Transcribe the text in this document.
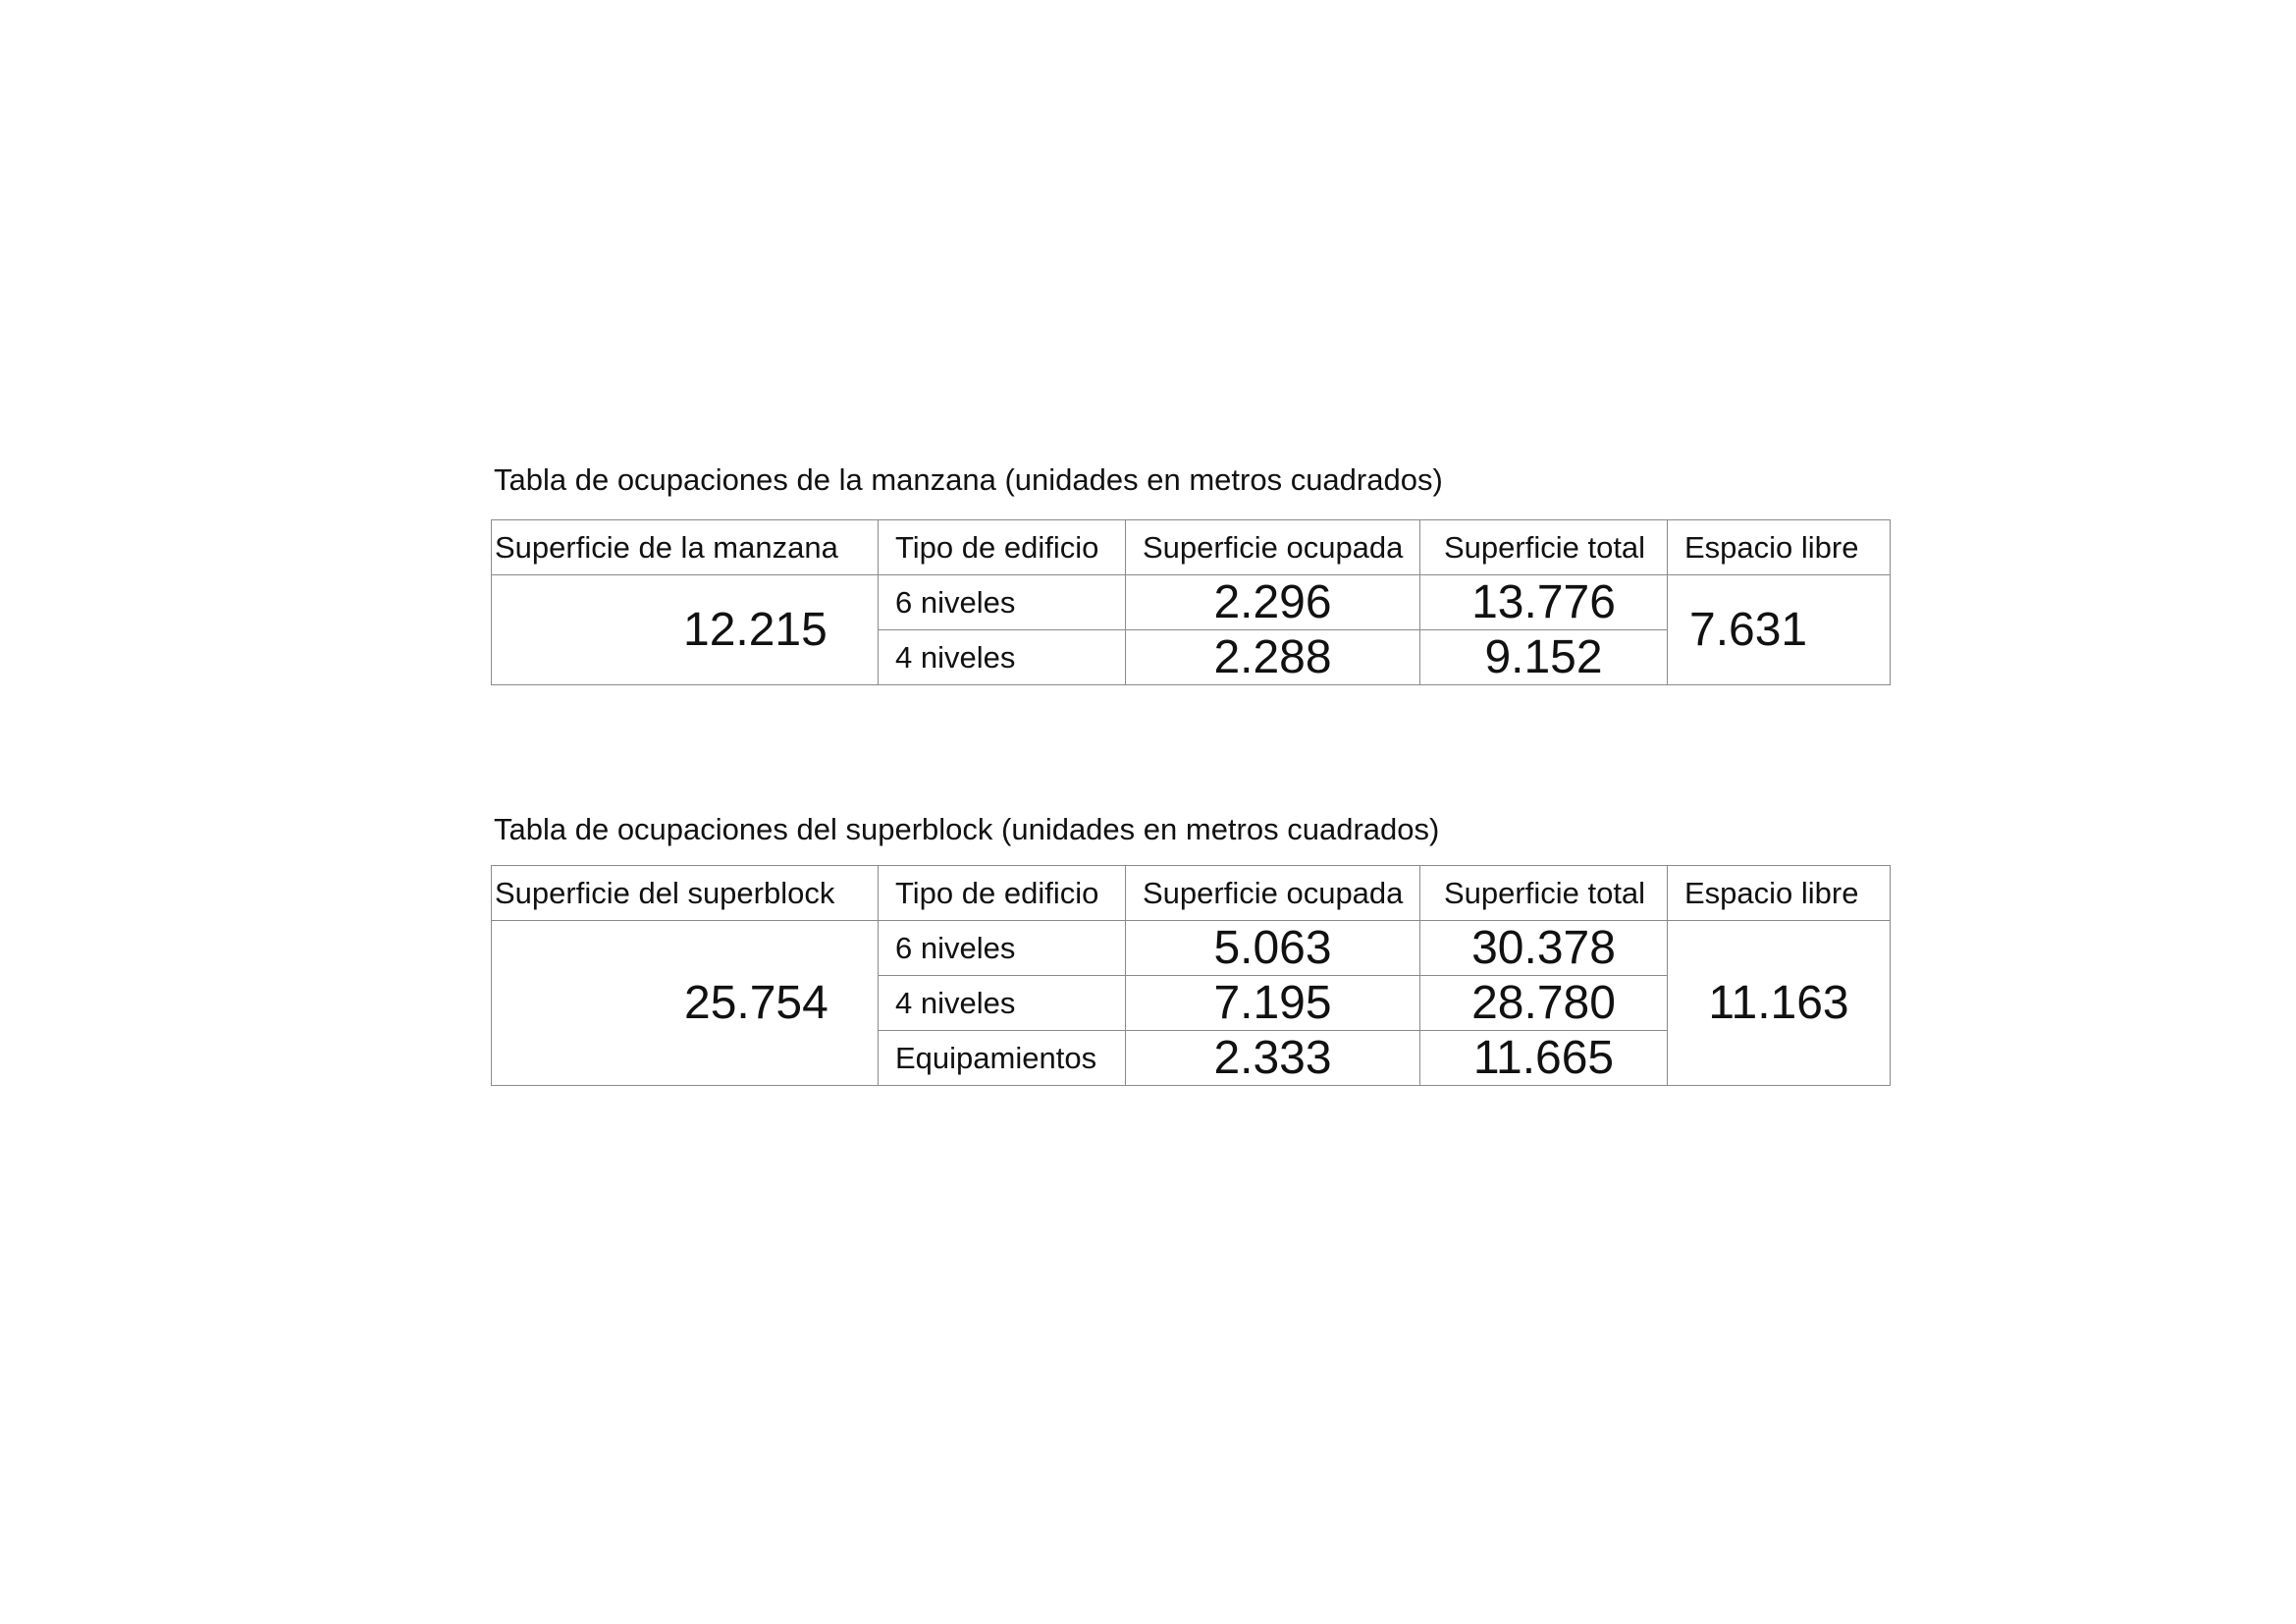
Tabla de ocupaciones de la manzana (unidades en metros cuadrados)
Superficie de la manzana	Tipo de edificio	Superficie ocupada	Superficie total	Espacio libre
12.215	6 niveles	2.296	13.776	7.631
	4 niveles	2.288	9.152	
Tabla de ocupaciones del superblock (unidades en metros cuadrados)
Superficie del superblock	Tipo de edificio	Superficie ocupada	Superficie total	Espacio libre
25.754	6 niveles	5.063	30.378	11.163
	4 niveles	7.195	28.780	
	Equipamientos	2.333	11.665	
